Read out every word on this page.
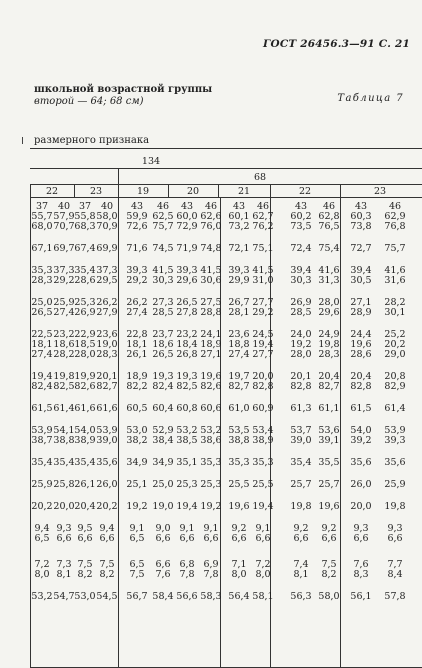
ГОСТ 26456.3—91 С. 21
Таблица 7
школьной возрастной группы
второй — 64; 68 см)
размерного признака
134
68
22	23	19	20	21	22	23
37	40 37	40	43	46	43	46	43	46	43	46	43	46
55,7 57,9 55,8 58,0 59,9 62,5 60,0 62,6 60,1 62,7 60,2 62,8 60,3 62,9
68,0 70,7 68,3 70,9 72,6 75,7 72,9 76,0 73,2 76,2 73,5 76,5 73,8 76,8
67,1 69,7 67,4 69,9 71,6 74,5 71,9 74,8 72,1 75,1 72,4 75,4 72,7 75,7
35,3 37,3 35,4 37,3 39,3 41,5 39,3 41,5 39,3 41,5 39,4 41,6 39,4 41,6
28,3 29,2 28,6 29,5 29,2 30,3 29,6 30,6 29,9 31,0 30,3 31,3 30,5 31,6
25,0 25,9 25,3 26,2 26,2 27,3 26,5 27,5 26,7 27,7 26,9 28,0 27,1 28,2
26,5 27,4 26,9 27,9 27,4 28,5 27,8 28,8 28,1 29,2 28,5 29,6 28,9 30,1
22,5 23,2 22,9 23,6 22,8 23,7 23,2 24,1 23,6 24,5 24,0 24,9 24,4 25,2
18,1 18,6 18,5 19,0 18,1 18,6 18,4 18,9 18,8 19,4 19,2 19,8 19,6 20,2
27,4 28,2 28,0 28,3 26,1 26,5 26,8 27,1 27,4 27,7 28,0 28,3 28,6 29,0
19,4 19,8 19,9 20,1 18,9 19,3 19,3 19,6 19,7 20,0 20,1 20,4 20,4 20,8
82,4 82,5 82,6 82,7 82,2 82,4 82,5 82,6 82,7 82,8 82,8 82,7 82,8 82,9
61,5 61,4 61,6 61,6 60,5 60,4 60,8 60,6 61,0 60,9 61,3 61,1 61,5 61,4
53,9 54,1 54,0 53,9 53,0 52,9 53,2 53,2 53,5 53,4 53,7 53,6 54,0 53,9
38,7 38,8 38,9 39,0 38,2 38,4 38,5 38,6 38,8 38,9 39,0 39,1 39,2 39,3
35,4 35,4 35,4 35,6 34,9 34,9 35,1 35,3 35,3 35,3 35,4 35,5 35,6 35,6
25,9 25,8 26,1 26,0 25,1 25,0 25,3 25,3 25,5 25,5 25,7 25,7 26,0 25,9
20,2 20,0 20,4 20,2 19,2 19,0 19,4 19,2 19,6 19,4 19,8 19,6 20,0 19,8
9,4 9,3 9,5 9,4	9,1	9,0 9,1 9,1	9,2 9,1	9,2	9,2	9,3	9,3
6,5 6,6 6,6 6,6	6,5	6,6 6,6 6,6	6,6 6,6	6,6	6,6	6,6	6,6
7,2 7,3 7,5 7,5	6,5	6,6 6,8 6,9	7,1 7,2	7,4	7,5	7,6	7,7
8,0 8,1 8,2 8,2	7,5	7,6 7,8 7,8	8,0 8,0	8,1	8,2	8,3	8,4
53,2 54,7 53,0 54,5 56,7 58,4 56,6 58,3 56,4 58,1 56,3 58,0 56,1 57,8
